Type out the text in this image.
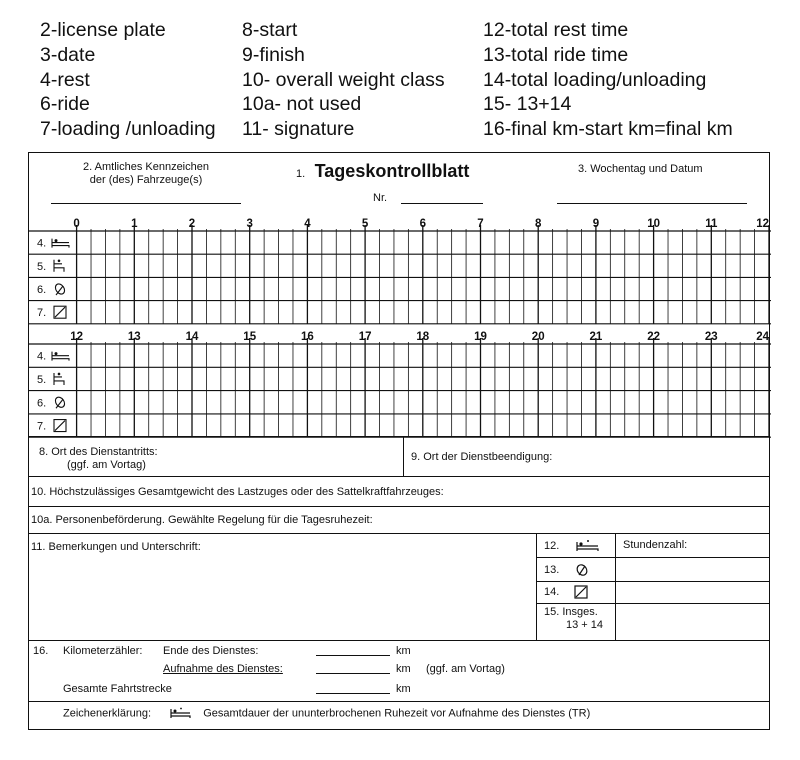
2-license plate
3-date
4-rest
6-ride
7-loading /unloading
8-start
9-finish
10- overall weight class
10a- not used
11- signature
12-total rest time
13-total ride time
14-total loading/unloading
15- 13+14
16-final km-start km=final km
2. Amtliches Kennzeichen
der (des) Fahrzeuge(s)	1. Tageskontrollblatt
Nr.
3. Wochentag und Datum
0	1	2	3	4	5	6	7	8	9	10	11	12
4.
5.
6.
7.
12	13	14	15	16	17	18	19	20	21	22	23	24
4.
5.
6.
7.
8. Ort des Dienstantritts:
(ggf. am Vortag)
9. Ort der Dienstbeendigung:
10. Höchstzulässiges Gesamtgewicht des Lastzuges oder des Sattelkraftfahrzeuges:
10a. Personenbeförderung. Gewählte Regelung für die Tagesruhezeit:
11. Bemerkungen und Unterschrift:	12.	Stundenzahl:
13.
14.
15. Insges.
13 + 14
16. Kilometerzähler: Ende des Dienstes:	km
Aufnahme des Dienstes:	km (ggf. am Vortag)
Gesamte Fahrtstrecke	km
Zeichenerklärung:	Gesamtdauer der ununterbrochenen Ruhezeit vor Aufnahme des Dienstes (TR)
